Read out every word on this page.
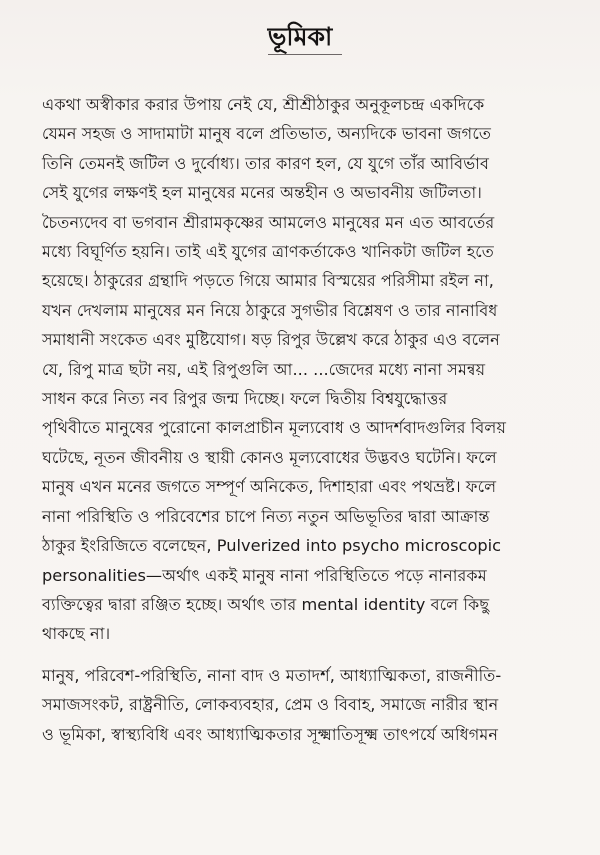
ভূমিকা
একথা অস্বীকার করার উপায় নেই যে, শ্রীশ্রীঠাকুর অনুকূলচন্দ্র একদিকে
যেমন সহজ ও সাদামাটা মানুষ বলে প্রতিভাত, অন্যদিকে ভাবনা জগতে
তিনি তেমনই জটিল ও দুর্বোধ্য। তার কারণ হল, যে যুগে তাঁর আবির্ভাব
সেই যুগের লক্ষণই হল মানুষের মনের অন্তহীন ও অভাবনীয় জটিলতা।
চৈতন্যদেব বা ভগবান শ্রীরামকৃষ্ণের আমলেও মানুষের মন এত আবর্তের
মধ্যে বিঘূর্ণিত হয়নি। তাই এই যুগের ত্রাণকর্তাকেও খানিকটা জটিল হতে
হয়েছে। ঠাকুরের গ্রন্থাদি পড়তে গিয়ে আমার বিস্ময়ের পরিসীমা রইল না,
যখন দেখলাম মানুষের মন নিয়ে ঠাকুরে সুগভীর বিশ্লেষণ ও তার নানাবিধ
সমাধানী সংকেত এবং মুষ্টিযোগ। ষড় রিপুর উল্লেখ করে ঠাকুর এও বলেন
যে, রিপু মাত্র ছটা নয়, এই রিপুগুলি আ... ...জেদের মধ্যে নানা সমন্বয়
সাধন করে নিত্য নব রিপুর জন্ম দিচ্ছে। ফলে দ্বিতীয় বিশ্বযুদ্ধোত্তর
পৃথিবীতে মানুষের পুরোনো কালপ্রাচীন মূল্যবোধ ও আদর্শবাদগুলির বিলয়
ঘটেছে, নূতন জীবনীয় ও স্থায়ী কোনও মূল্যবোধের উদ্ভবও ঘটেনি। ফলে
মানুষ এখন মনের জগতে সম্পূর্ণ অনিকেত, দিশাহারা এবং পথভ্রষ্ট। ফলে
নানা পরিস্থিতি ও পরিবেশের চাপে নিত্য নতুন অভিভূতির দ্বারা আক্রান্ত
ঠাকুর ইংরিজিতে বলেছেন, Pulverized into psycho microscopic
personalities—অর্থাৎ একই মানুষ নানা পরিস্থিতিতে পড়ে নানারকম
ব্যক্তিত্বের দ্বারা রঞ্জিত হচ্ছে। অর্থাৎ তার mental identity বলে কিছু
থাকছে না।
মানুষ, পরিবেশ-পরিস্থিতি, নানা বাদ ও মতাদর্শ, আধ্যাত্মিকতা, রাজনীতি-
সমাজসংকট, রাষ্ট্রনীতি, লোকব্যবহার, প্রেম ও বিবাহ, সমাজে নারীর স্থান
ও ভূমিকা, স্বাস্থ্যবিধি এবং আধ্যাত্মিকতার সূক্ষ্মাতিসূক্ষ্ম তাৎপর্যে অধিগমন
